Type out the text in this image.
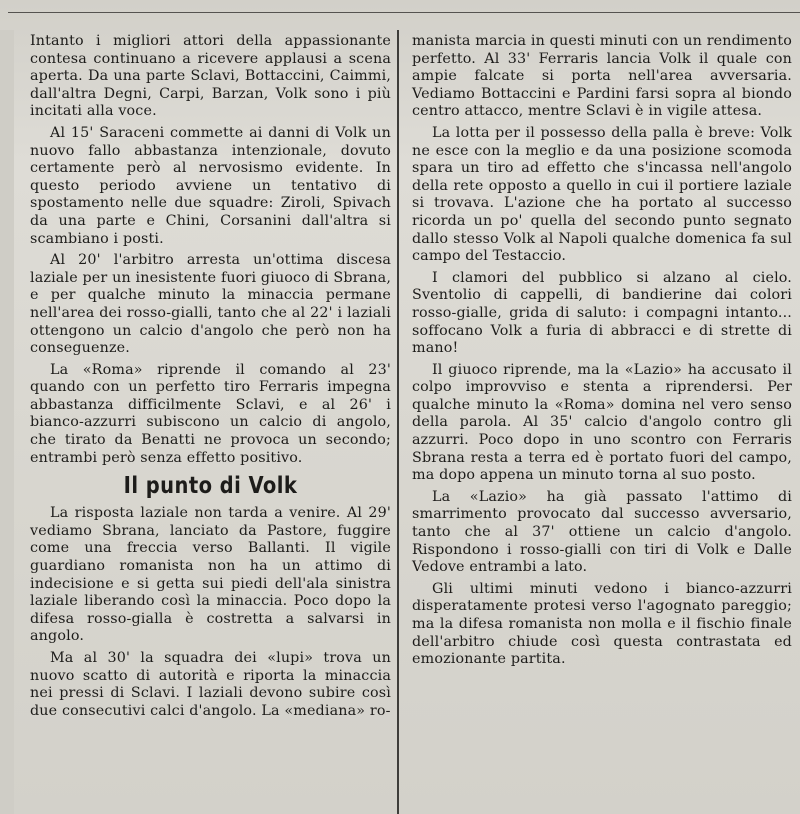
Intanto i migliori attori della appassionante contesa continuano a ricevere applausi a scena aperta. Da una parte Sclavi, Bottaccini, Caimmi, dall'altra Degni, Carpi, Barzan, Volk sono i più incitati alla voce.

Al 15' Saraceni commette ai danni di Volk un nuovo fallo abbastanza intenzionale, dovuto certamente però al nervosismo evidente. In questo periodo avviene un tentativo di spostamento nelle due squadre: Ziroli, Spivach da una parte e Chini, Corsanini dall'altra si scambiano i posti.

Al 20' l'arbitro arresta un'ottima discesa laziale per un inesistente fuori giuoco di Sbrana, e per qualche minuto la minaccia permane nell'area dei rosso-gialli, tanto che al 22' i laziali ottengono un calcio d'angolo che però non ha conseguenze.

La «Roma» riprende il comando al 23' quando con un perfetto tiro Ferraris impegna abbastanza difficilmente Sclavi, e al 26' i bianco-azzurri subiscono un calcio di angolo, che tirato da Benatti ne provoca un secondo; entrambi però senza effetto positivo.

Il punto di Volk

La risposta laziale non tarda a venire. Al 29' vediamo Sbrana, lanciato da Pastore, fuggire come una freccia verso Ballanti. Il vigile guardiano romanista non ha un attimo di indecisione e si getta sui piedi dell'ala sinistra laziale liberando così la minaccia. Poco dopo la difesa rosso-gialla è costretta a salvarsi in angolo.

Ma al 30' la squadra dei «lupi» trova un nuovo scatto di autorità e riporta la minaccia nei pressi di Sclavi. I laziali devono subire così due consecutivi calci d'angolo. La «mediana» ro-

manista marcia in questi minuti con un rendimento perfetto. Al 33' Ferraris lancia Volk il quale con ampie falcate si porta nell'area avversaria. Vediamo Bottaccini e Pardini farsi sopra al biondo centro attacco, mentre Sclavi è in vigile attesa.

La lotta per il possesso della palla è breve: Volk ne esce con la meglio e da una posizione scomoda spara un tiro ad effetto che s'incassa nell'angolo della rete opposto a quello in cui il portiere laziale si trovava. L'azione che ha portato al successo ricorda un po' quella del secondo punto segnato dallo stesso Volk al Napoli qualche domenica fa sul campo del Testaccio.

I clamori del pubblico si alzano al cielo. Sventolio di cappelli, di bandierine dai colori rosso-gialle, grida di saluto: i compagni intanto... soffocano Volk a furia di abbracci e di strette di mano!

Il giuoco riprende, ma la «Lazio» ha accusato il colpo improvviso e stenta a riprendersi. Per qualche minuto la «Roma» domina nel vero senso della parola. Al 35' calcio d'angolo contro gli azzurri. Poco dopo in uno scontro con Ferraris Sbrana resta a terra ed è portato fuori del campo, ma dopo appena un minuto torna al suo posto.

La «Lazio» ha già passato l'attimo di smarrimento provocato dal successo avversario, tanto che al 37' ottiene un calcio d'angolo. Rispondono i rosso-gialli con tiri di Volk e Dalle Vedove entrambi a lato.

Gli ultimi minuti vedono i bianco-azzurri disperatamente protesi verso l'agognato pareggio; ma la difesa romanista non molla e il fischio finale dell'arbitro chiude così questa contrastata ed emozionante partita.
